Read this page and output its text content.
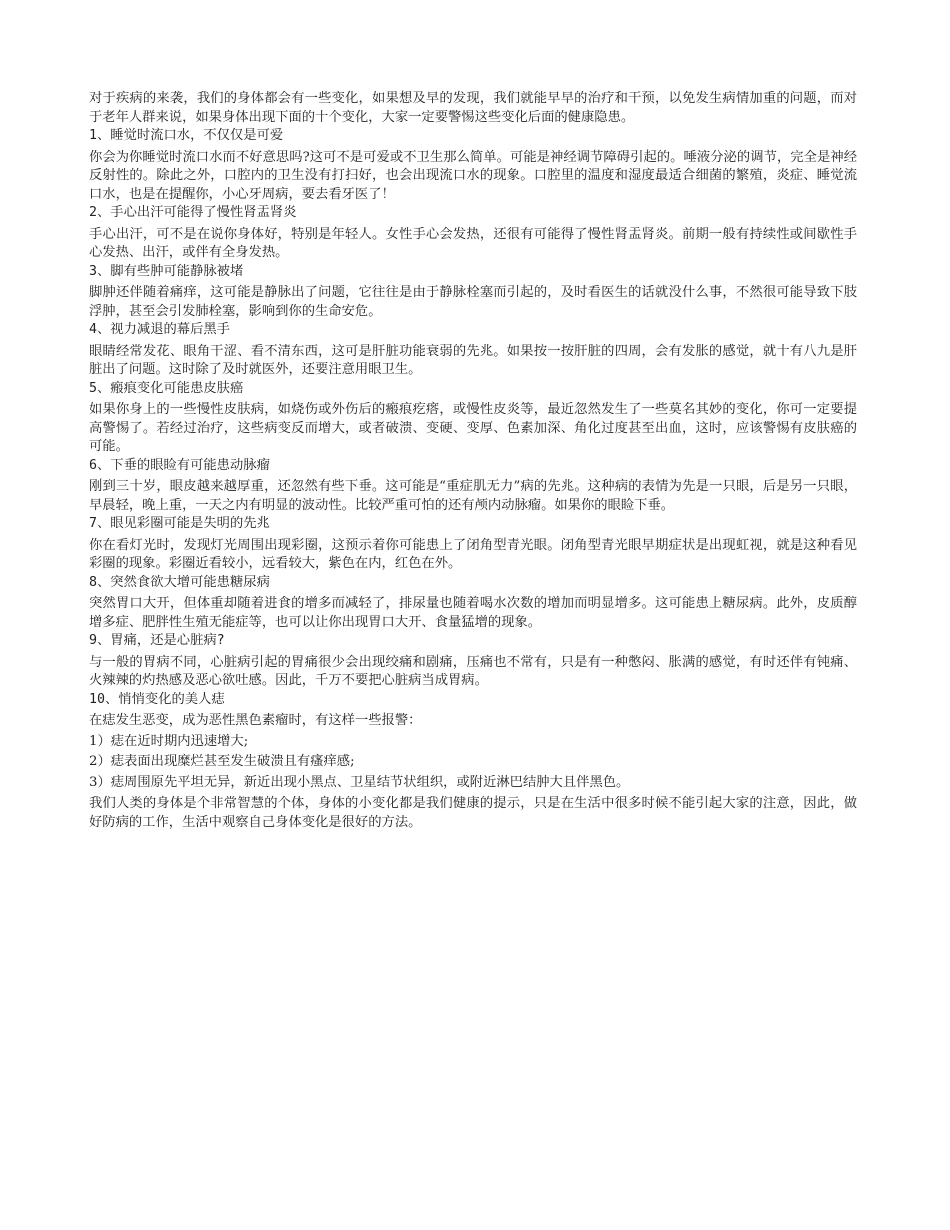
对于疾病的来袭，我们的身体都会有一些变化，如果想及早的发现，我们就能早早的治疗和干预，以免发生病情加重的问题，而对于老年人群来说，如果身体出现下面的十个变化，大家一定要警惕这些变化后面的健康隐患。

1、睡觉时流口水，不仅仅是可爱

你会为你睡觉时流口水而不好意思吗?这可不是可爱或不卫生那么简单。可能是神经调节障碍引起的。唾液分泌的调节，完全是神经反射性的。除此之外，口腔内的卫生没有打扫好，也会出现流口水的现象。口腔里的温度和湿度最适合细菌的繁殖，炎症、睡觉流口水，也是在提醒你，小心牙周病，要去看牙医了！

2、手心出汗可能得了慢性肾盂肾炎

手心出汗，可不是在说你身体好，特别是年轻人。女性手心会发热，还很有可能得了慢性肾盂肾炎。前期一般有持续性或间歇性手心发热、出汗，或伴有全身发热。

3、脚有些肿可能静脉被堵

脚肿还伴随着痛痒，这可能是静脉出了问题，它往往是由于静脉栓塞而引起的，及时看医生的话就没什么事，不然很可能导致下肢浮肿，甚至会引发肺栓塞，影响到你的生命安危。

4、视力减退的幕后黑手

眼睛经常发花、眼角干涩、看不清东西，这可是肝脏功能衰弱的先兆。如果按一按肝脏的四周，会有发胀的感觉，就十有八九是肝脏出了问题。这时除了及时就医外，还要注意用眼卫生。

5、瘢痕变化可能患皮肤癌

如果你身上的一些慢性皮肤病，如烧伤或外伤后的瘢痕疙瘩，或慢性皮炎等，最近忽然发生了一些莫名其妙的变化，你可一定要提高警惕了。若经过治疗，这些病变反而增大，或者破溃、变硬、变厚、色素加深、角化过度甚至出血，这时，应该警惕有皮肤癌的可能。

6、下垂的眼睑有可能患动脉瘤

刚到三十岁，眼皮越来越厚重，还忽然有些下垂。这可能是“重症肌无力”病的先兆。这种病的表情为先是一只眼，后是另一只眼，早晨轻，晚上重，一天之内有明显的波动性。比较严重可怕的还有颅内动脉瘤。如果你的眼睑下垂。

7、眼见彩圈可能是失明的先兆

你在看灯光时，发现灯光周围出现彩圈，这预示着你可能患上了闭角型青光眼。闭角型青光眼早期症状是出现虹视，就是这种看见彩圈的现象。彩圈近看较小，远看较大，紫色在内，红色在外。

8、突然食欲大增可能患糖尿病

突然胃口大开，但体重却随着进食的增多而减轻了，排尿量也随着喝水次数的增加而明显增多。这可能患上糖尿病。此外，皮质醇增多症、肥胖性生殖无能症等，也可以让你出现胃口大开、食量猛增的现象。

9、胃痛，还是心脏病?

与一般的胃病不同，心脏病引起的胃痛很少会出现绞痛和剧痛，压痛也不常有，只是有一种憋闷、胀满的感觉，有时还伴有钝痛、火辣辣的灼热感及恶心欲吐感。因此，千万不要把心脏病当成胃病。

10、悄悄变化的美人痣

在痣发生恶变，成为恶性黑色素瘤时，有这样一些报警：

1）痣在近时期内迅速增大;

2）痣表面出现糜烂甚至发生破溃且有瘙痒感;

3）痣周围原先平坦无异，新近出现小黑点、卫星结节状组织，或附近淋巴结肿大且伴黑色。

我们人类的身体是个非常智慧的个体，身体的小变化都是我们健康的提示，只是在生活中很多时候不能引起大家的注意，因此，做好防病的工作，生活中观察自己身体变化是很好的方法。
